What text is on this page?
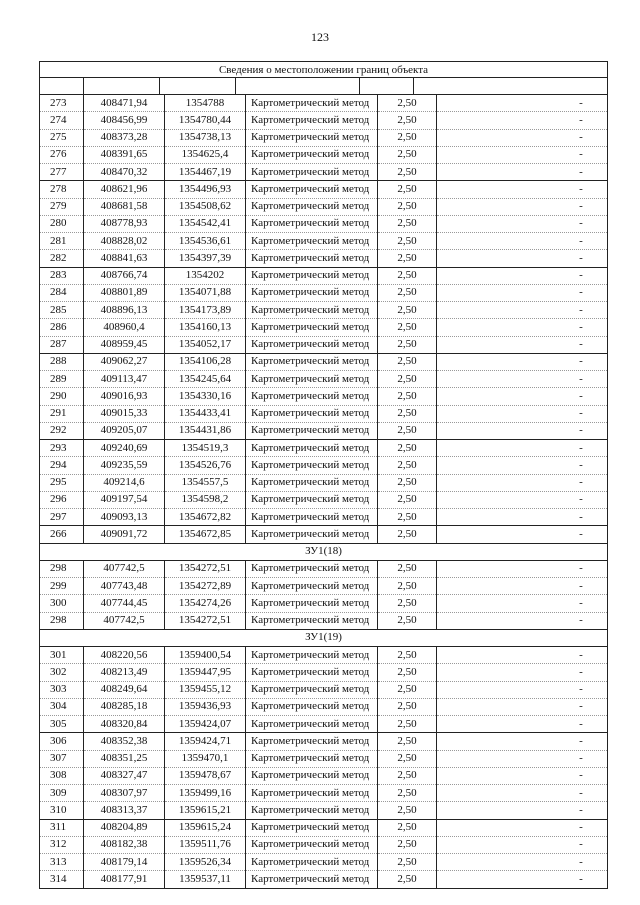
123
Сведения о местоположении границ объекта
273	408471,94	1354788	Картометрический метод	2,50	-
274	408456,99	1354780,44	Картометрический метод	2,50	-
275	408373,28	1354738,13	Картометрический метод	2,50	-
276	408391,65	1354625,4	Картометрический метод	2,50	-
277	408470,32	1354467,19	Картометрический метод	2,50	-
278	408621,96	1354496,93	Картометрический метод	2,50	-
279	408681,58	1354508,62	Картометрический метод	2,50	-
280	408778,93	1354542,41	Картометрический метод	2,50	-
281	408828,02	1354536,61	Картометрический метод	2,50	-
282	408841,63	1354397,39	Картометрический метод	2,50	-
283	408766,74	1354202	Картометрический метод	2,50	-
284	408801,89	1354071,88	Картометрический метод	2,50	-
285	408896,13	1354173,89	Картометрический метод	2,50	-
286	408960,4	1354160,13	Картометрический метод	2,50	-
287	408959,45	1354052,17	Картометрический метод	2,50	-
288	409062,27	1354106,28	Картометрический метод	2,50	-
289	409113,47	1354245,64	Картометрический метод	2,50	-
290	409016,93	1354330,16	Картометрический метод	2,50	-
291	409015,33	1354433,41	Картометрический метод	2,50	-
292	409205,07	1354431,86	Картометрический метод	2,50	-
293	409240,69	1354519,3	Картометрический метод	2,50	-
294	409235,59	1354526,76	Картометрический метод	2,50	-
295	409214,6	1354557,5	Картометрический метод	2,50	-
296	409197,54	1354598,2	Картометрический метод	2,50	-
297	409093,13	1354672,82	Картометрический метод	2,50	-
266	409091,72	1354672,85	Картометрический метод	2,50	-
ЗУ1(18)					
298	407742,5	1354272,51	Картометрический метод	2,50	-
299	407743,48	1354272,89	Картометрический метод	2,50	-
300	407744,45	1354274,26	Картометрический метод	2,50	-
298	407742,5	1354272,51	Картометрический метод	2,50	-
ЗУ1(19)					
301	408220,56	1359400,54	Картометрический метод	2,50	-
302	408213,49	1359447,95	Картометрический метод	2,50	-
303	408249,64	1359455,12	Картометрический метод	2,50	-
304	408285,18	1359436,93	Картометрический метод	2,50	-
305	408320,84	1359424,07	Картометрический метод	2,50	-
306	408352,38	1359424,71	Картометрический метод	2,50	-
307	408351,25	1359470,1	Картометрический метод	2,50	-
308	408327,47	1359478,67	Картометрический метод	2,50	-
309	408307,97	1359499,16	Картометрический метод	2,50	-
310	408313,37	1359615,21	Картометрический метод	2,50	-
311	408204,89	1359615,24	Картометрический метод	2,50	-
312	408182,38	1359511,76	Картометрический метод	2,50	-
313	408179,14	1359526,34	Картометрический метод	2,50	-
314	408177,91	1359537,11	Картометрический метод	2,50	-
